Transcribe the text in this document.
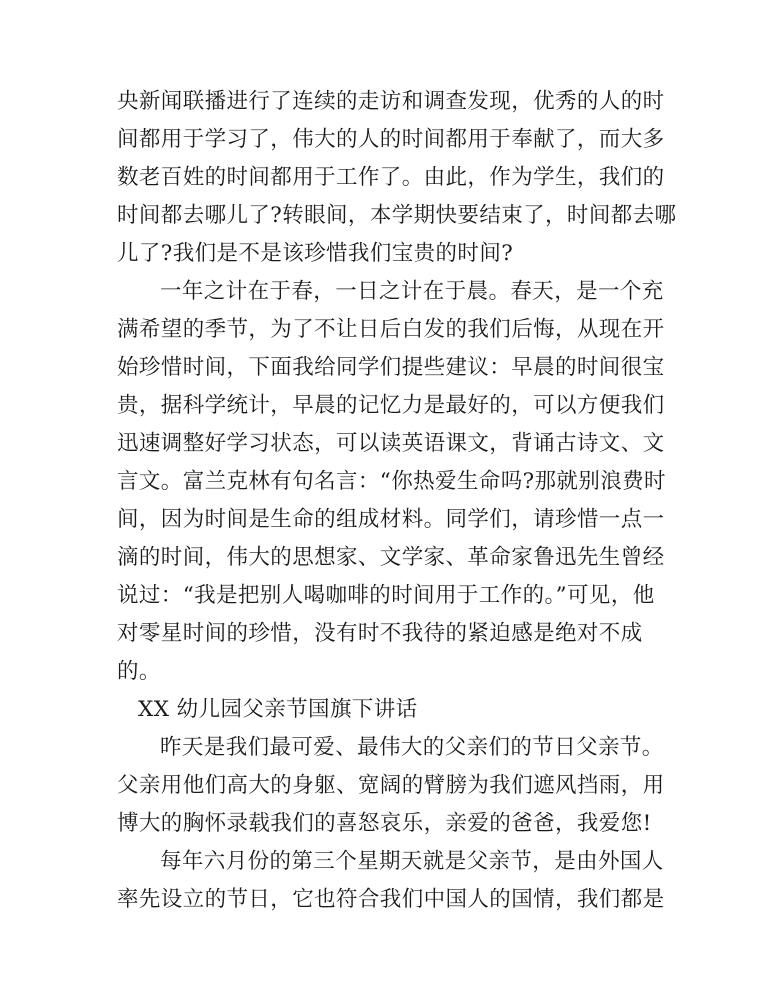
央新闻联播进行了连续的走访和调查发现，优秀的人的时
间都用于学习了，伟大的人的时间都用于奉献了，而大多
数老百姓的时间都用于工作了。由此，作为学生，我们的
时间都去哪儿了?转眼间，本学期快要结束了，时间都去哪
儿了?我们是不是该珍惜我们宝贵的时间?
一年之计在于春，一日之计在于晨。春天，是一个充
满希望的季节，为了不让日后白发的我们后悔，从现在开
始珍惜时间，下面我给同学们提些建议：早晨的时间很宝
贵，据科学统计，早晨的记忆力是最好的，可以方便我们
迅速调整好学习状态，可以读英语课文，背诵古诗文、文
言文。富兰克林有句名言：“你热爱生命吗?那就别浪费时
间，因为时间是生命的组成材料。同学们，请珍惜一点一
滴的时间，伟大的思想家、文学家、革命家鲁迅先生曾经
说过：“我是把别人喝咖啡的时间用于工作的。”可见，他
对零星时间的珍惜，没有时不我待的紧迫感是绝对不成
的。
XX 幼儿园父亲节国旗下讲话
昨天是我们最可爱、最伟大的父亲们的节日父亲节。
父亲用他们高大的身躯、宽阔的臂膀为我们遮风挡雨，用
博大的胸怀录载我们的喜怒哀乐，亲爱的爸爸，我爱您!
每年六月份的第三个星期天就是父亲节，是由外国人
率先设立的节日，它也符合我们中国人的国情，我们都是
